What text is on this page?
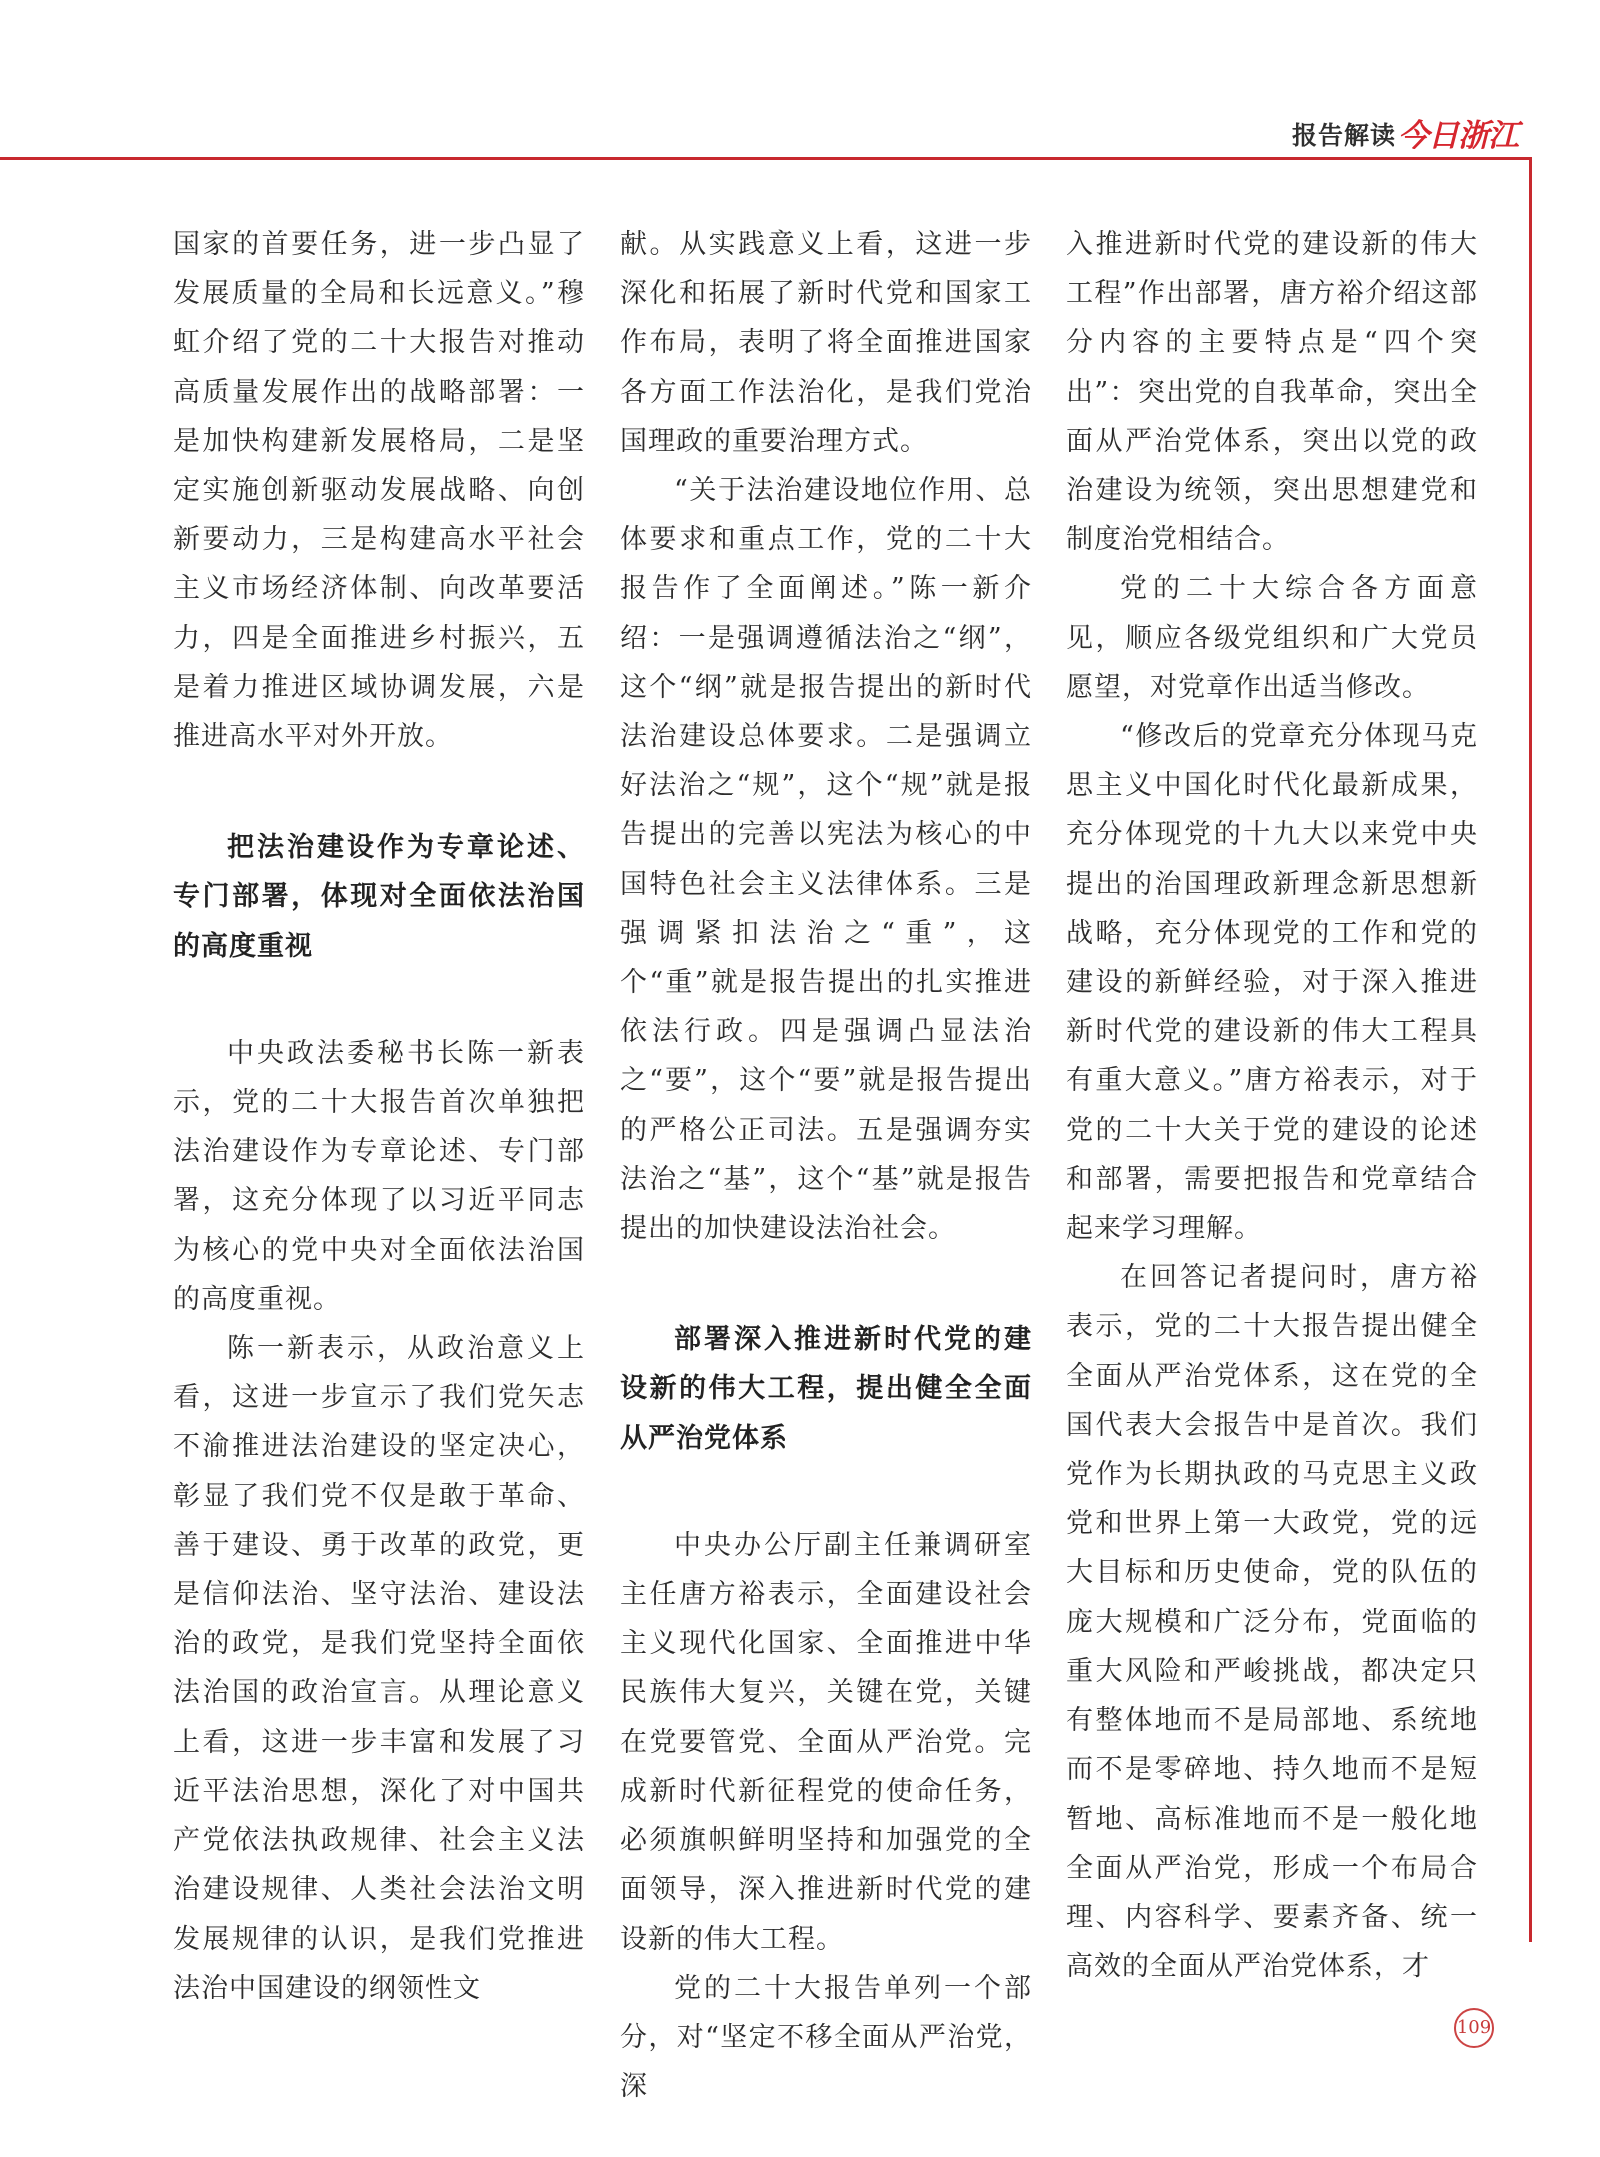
报告解读 今日浙江

国家的首要任务，进一步凸显了发展质量的全局和长远意义。”穆虹介绍了党的二十大报告对推动高质量发展作出的战略部署：一是加快构建新发展格局，二是坚定实施创新驱动发展战略、向创新要动力，三是构建高水平社会主义市场经济体制、向改革要活力，四是全面推进乡村振兴，五是着力推进区域协调发展，六是推进高水平对外开放。

把法治建设作为专章论述、专门部署，体现对全面依法治国的高度重视

中央政法委秘书长陈一新表示，党的二十大报告首次单独把法治建设作为专章论述、专门部署，这充分体现了以习近平同志为核心的党中央对全面依法治国的高度重视。

陈一新表示，从政治意义上看，这进一步宣示了我们党矢志不渝推进法治建设的坚定决心，彰显了我们党不仅是敢于革命、善于建设、勇于改革的政党，更是信仰法治、坚守法治、建设法治的政党，是我们党坚持全面依法治国的政治宣言。从理论意义上看，这进一步丰富和发展了习近平法治思想，深化了对中国共产党依法执政规律、社会主义法治建设规律、人类社会法治文明发展规律的认识，是我们党推进法治中国建设的纲领性文

献。从实践意义上看，这进一步深化和拓展了新时代党和国家工作布局，表明了将全面推进国家各方面工作法治化，是我们党治国理政的重要治理方式。

“关于法治建设地位作用、总体要求和重点工作，党的二十大报告作了全面阐述。”陈一新介绍：一是强调遵循法治之“纲”，这个“纲”就是报告提出的新时代法治建设总体要求。二是强调立好法治之“规”，这个“规”就是报告提出的完善以宪法为核心的中国特色社会主义法律体系。三是强调紧扣法治之“重”，这个“重”就是报告提出的扎实推进依法行政。四是强调凸显法治之“要”，这个“要”就是报告提出的严格公正司法。五是强调夯实法治之“基”，这个“基”就是报告提出的加快建设法治社会。

部署深入推进新时代党的建设新的伟大工程，提出健全全面从严治党体系

中央办公厅副主任兼调研室主任唐方裕表示，全面建设社会主义现代化国家、全面推进中华民族伟大复兴，关键在党，关键在党要管党、全面从严治党。完成新时代新征程党的使命任务，必须旗帜鲜明坚持和加强党的全面领导，深入推进新时代党的建设新的伟大工程。

党的二十大报告单列一个部分，对“坚定不移全面从严治党，深

入推进新时代党的建设新的伟大工程”作出部署，唐方裕介绍这部分内容的主要特点是“四个突出”：突出党的自我革命，突出全面从严治党体系，突出以党的政治建设为统领，突出思想建党和制度治党相结合。

党的二十大综合各方面意见，顺应各级党组织和广大党员愿望，对党章作出适当修改。

“修改后的党章充分体现马克思主义中国化时代化最新成果，充分体现党的十九大以来党中央提出的治国理政新理念新思想新战略，充分体现党的工作和党的建设的新鲜经验，对于深入推进新时代党的建设新的伟大工程具有重大意义。”唐方裕表示，对于党的二十大关于党的建设的论述和部署，需要把报告和党章结合起来学习理解。

在回答记者提问时，唐方裕表示，党的二十大报告提出健全全面从严治党体系，这在党的全国代表大会报告中是首次。我们党作为长期执政的马克思主义政党和世界上第一大政党，党的远大目标和历史使命，党的队伍的庞大规模和广泛分布，党面临的重大风险和严峻挑战，都决定只有整体地而不是局部地、系统地而不是零碎地、持久地而不是短暂地、高标准地而不是一般化地全面从严治党，形成一个布局合理、内容科学、要素齐备、统一高效的全面从严治党体系，才

109
